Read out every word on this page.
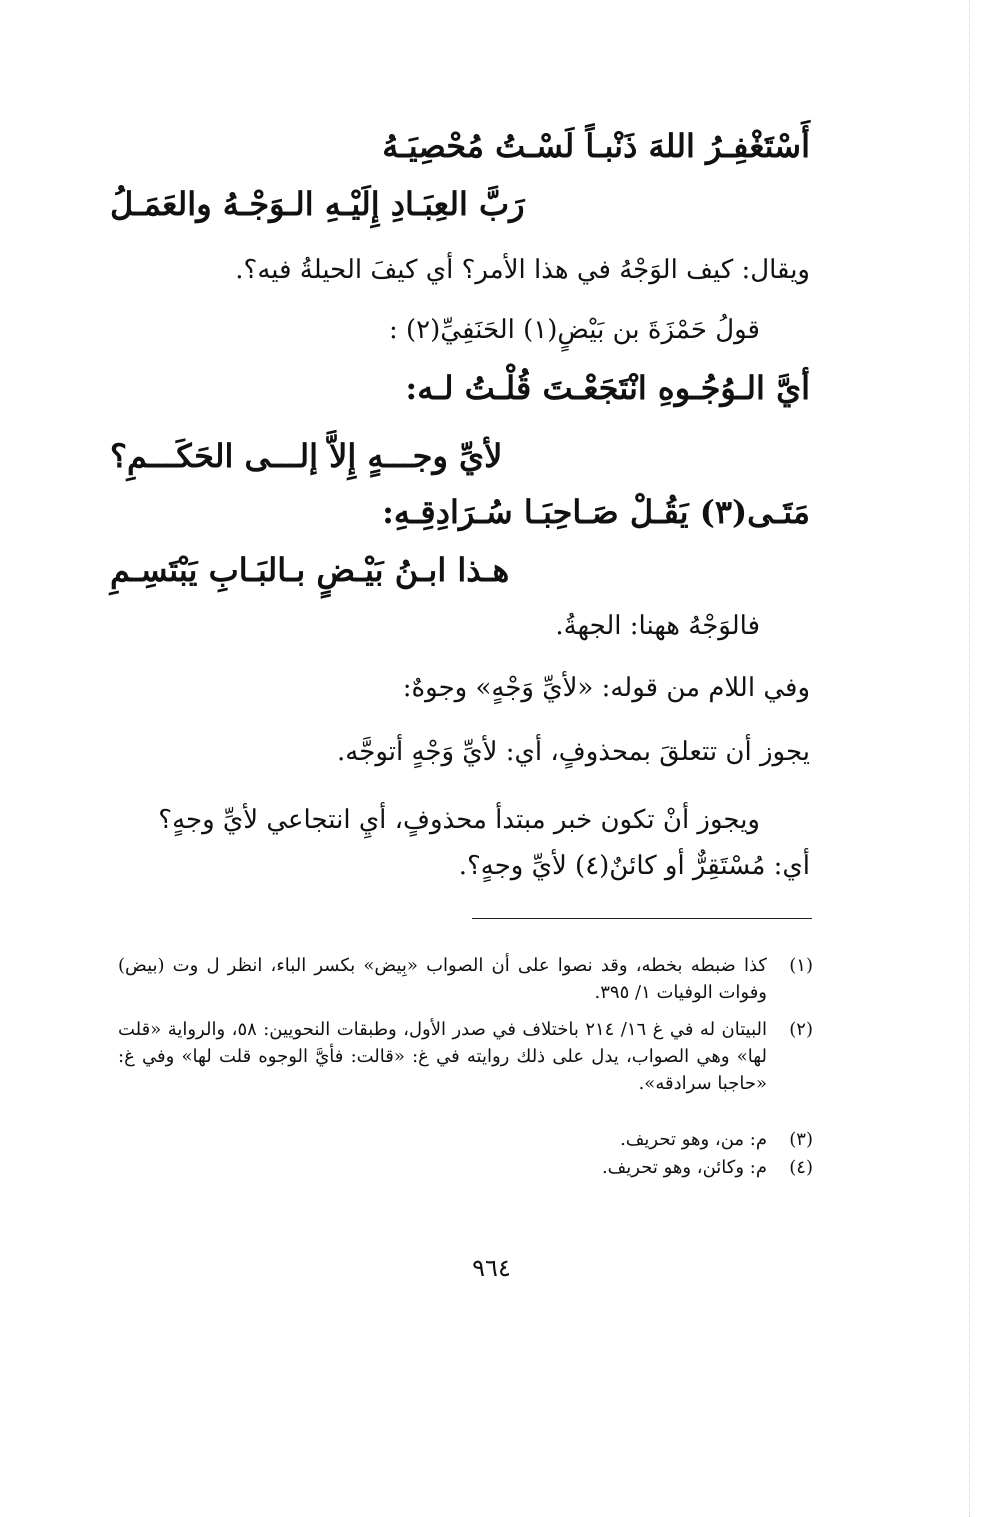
أَسْتَغْفِـرُ اللهَ ذَنْبـاً لَسْـتُ مُحْصِيَـهُ
رَبَّ العِبَـادِ إِلَيْـهِ الـوَجْـهُ والعَمَـلُ
ويقال: كيف الوَجْهُ في هذا الأمر؟ أي كيفَ الحيلةُ فيه؟.
قولُ حَمْزَةَ بن بَيْضٍ(١) الحَنَفِيِّ(٢) :
أيَّ الـوُجُـوهِ انْتَجَعْـتَ قُلْـتُ لـه:
لأيِّ وجـــهٍ إِلاَّ إلـــى الحَكَـــمِ؟
مَتَـى(٣) يَقُـلْ صَـاحِبَـا سُـرَادِقِـهِ:
هـذا ابـنُ بَيْـضٍ بـالبَـابِ يَبْتَسِـمِ
فالوَجْهُ ههنا: الجهةُ.
وفي اللام من قوله: «لأيِّ وَجْهٍ» وجوهٌ:
يجوز أن تتعلقَ بمحذوفٍ، أي: لأيِّ وَجْهٍ أتوجَّه.
ويجوز أنْ تكون خبر مبتدأ محذوفٍ، أيِ انتجاعي لأيِّ وجهٍ؟
أي: مُسْتَقِرٌّ أو كائنٌ(٤) لأيِّ وجهٍ؟.
(١)
كذا ضبطه بخطه، وقد نصوا على أن الصواب «بِيض» بكسر الباء، انظر ل وت (بيض) وفوات الوفيات ١/ ٣٩٥.
(٢)
البيتان له في غ ١٦/ ٢١٤ باختلاف في صدر الأول، وطبقات النحويين: ٥٨، والرواية «قلت لها» وهي الصواب، يدل على ذلك روايته في غ: «قالت: فأيَّ الوجوه قلت لها» وفي غ: «حاجبا سرادقه».
(٣)
م: من، وهو تحريف.
(٤)
م: وكائن، وهو تحريف.
٩٦٤
